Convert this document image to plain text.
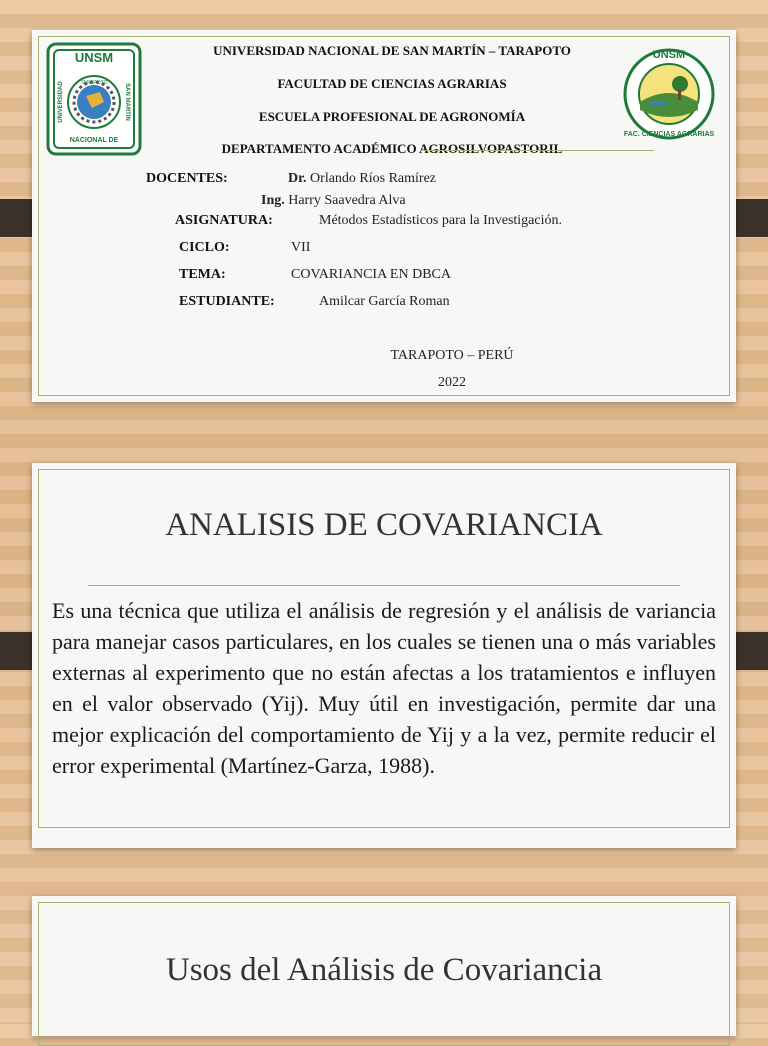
UNSM
TARAPOTO
UNIVERSIDAD	SAN MARTIN
NACIONAL DE
UNSM
FAC. CIENCIAS AGRARIAS
UNIVERSIDAD NACIONAL DE SAN MARTÍN – TARAPOTO
FACULTAD DE CIENCIAS AGRARIAS
ESCUELA PROFESIONAL DE AGRONOMÍA
DEPARTAMENTO ACADÉMICO AGROSILVOPASTORIL
DOCENTES:	Dr. Orlando Ríos Ramírez
Ing. Harry Saavedra Alva
ASIGNATURA:	Métodos Estadísticos para la Investigación.
CICLO:	VII
TEMA:	COVARIANCIA EN DBCA
ESTUDIANTE:	Amilcar García Roman
TARAPOTO – PERÚ
2022
ANALISIS DE COVARIANCIA
Es una técnica que utiliza el análisis de regresión y el análisis de variancia para manejar casos particulares, en los cuales se tienen una o más variables externas al experimento que no están afectas a los tratamientos e influyen en el valor observado (Yij). Muy útil en investigación, permite dar una mejor explicación del comportamiento de Yij y a la vez, permite reducir el error experimental (Martínez-Garza, 1988).
Usos del Análisis de Covariancia
